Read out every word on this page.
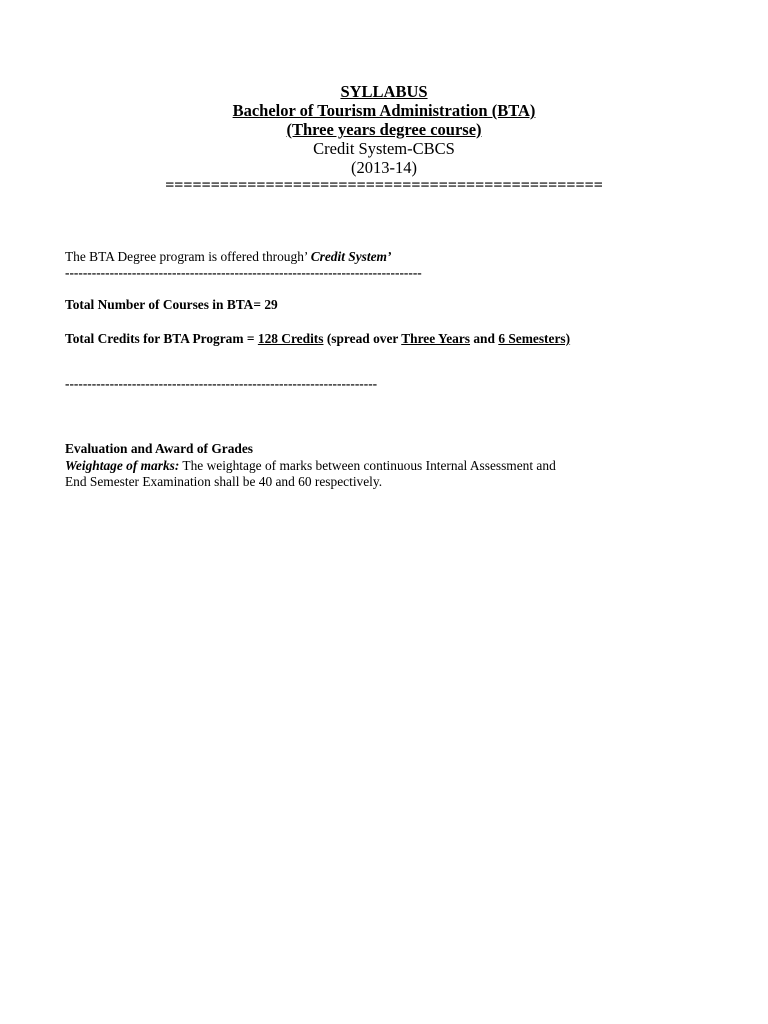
SYLLABUS

Bachelor of Tourism Administration (BTA)

(Three years degree course)

Credit System-CBCS

(2013-14)

================================================
The BTA Degree program is offered through’ Credit System’
--------------------------------------------------------------------------------
Total Number of Courses in BTA= 29
Total Credits for BTA Program = 128 Credits (spread over Three Years and 6 Semesters)
----------------------------------------------------------------------
Evaluation and Award of Grades
Weightage of marks: The weightage of marks between continuous Internal Assessment and
End Semester Examination shall be 40 and 60 respectively.
